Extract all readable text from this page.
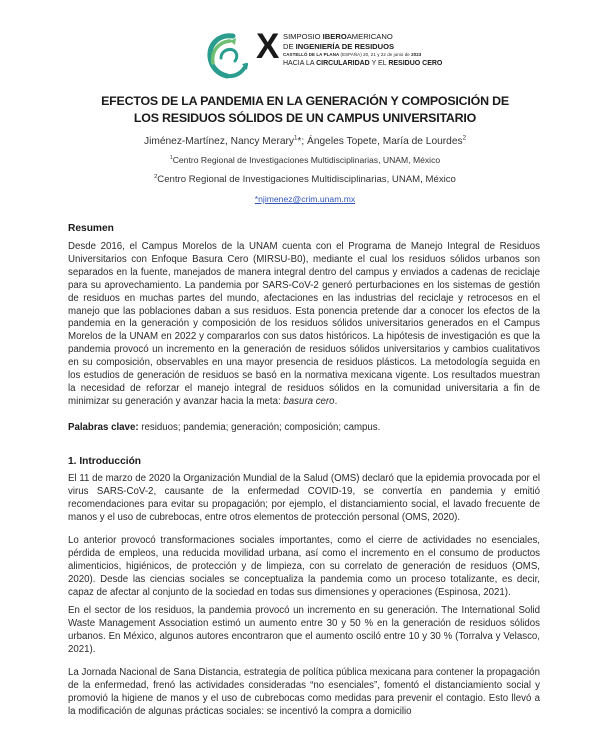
X SIMPOSIO IBEROAMERICANO
DE INGENIERÍA DE RESIDUOS
CASTELLÓ DE LA PLANA (ESPAÑA) 20, 21 y 22 de junio de 2023
HACIA LA CIRCULARIDAD Y EL RESIDUO CERO
EFECTOS DE LA PANDEMIA EN LA GENERACIÓN Y COMPOSICIÓN DE
LOS RESIDUOS SÓLIDOS DE UN CAMPUS UNIVERSITARIO
Jiménez-Martínez, Nancy Merary$^1$*; Ángeles Topete, María de Lourdes$^2$
$^1$Centro Regional de Investigaciones Multidisciplinarias, UNAM, México
$^2$Centro Regional de Investigaciones Multidisciplinarias, UNAM, México
*njimenez@crim.unam.mx
Resumen
Desde 2016, el Campus Morelos de la UNAM cuenta con el Programa de Manejo Integral de Residuos Universitarios con Enfoque Basura Cero (MIRSU-B0), mediante el cual los residuos sólidos urbanos son separados en la fuente, manejados de manera integral dentro del campus y enviados a cadenas de reciclaje para su aprovechamiento. La pandemia por SARS-CoV-2 generó perturbaciones en los sistemas de gestión de residuos en muchas partes del mundo, afectaciones en las industrias del reciclaje y retrocesos en el manejo que las poblaciones daban a sus residuos. Esta ponencia pretende dar a conocer los efectos de la pandemia en la generación y composición de los residuos sólidos universitarios generados en el Campus Morelos de la UNAM en 2022 y compararlos con sus datos históricos. La hipótesis de investigación es que la pandemia provocó un incremento en la generación de residuos sólidos universitarios y cambios cualitativos en su composición, observables en una mayor presencia de residuos plásticos. La metodología seguida en los estudios de generación de residuos se basó en la normativa mexicana vigente. Los resultados muestran la necesidad de reforzar el manejo integral de residuos sólidos en la comunidad universitaria a fin de minimizar su generación y avanzar hacia la meta: basura cero.
Palabras clave: residuos; pandemia; generación; composición; campus.
1. Introducción
El 11 de marzo de 2020 la Organización Mundial de la Salud (OMS) declaró que la epidemia provocada por el virus SARS-CoV-2, causante de la enfermedad COVID-19, se convertía en pandemia y emitió recomendaciones para evitar su propagación; por ejemplo, el distanciamiento social, el lavado frecuente de manos y el uso de cubrebocas, entre otros elementos de protección personal (OMS, 2020).
Lo anterior provocó transformaciones sociales importantes, como el cierre de actividades no esenciales, pérdida de empleos, una reducida movilidad urbana, así como el incremento en el consumo de productos alimenticios, higiénicos, de protección y de limpieza, con su correlato de generación de residuos (OMS, 2020). Desde las ciencias sociales se conceptualiza la pandemia como un proceso totalizante, es decir, capaz de afectar al conjunto de la sociedad en todas sus dimensiones y operaciones (Espinosa, 2021).
En el sector de los residuos, la pandemia provocó un incremento en su generación. The International Solid Waste Management Association estimó un aumento entre 30 y 50 % en la generación de residuos sólidos urbanos. En México, algunos autores encontraron que el aumento osciló entre 10 y 30 % (Torralva y Velasco, 2021).
La Jornada Nacional de Sana Distancia, estrategia de política pública mexicana para contener la propagación de la enfermedad, frenó las actividades consideradas “no esenciales”, fomentó el distanciamiento social y promovió la higiene de manos y el uso de cubrebocas como medidas para prevenir el contagio. Esto llevó a la modificación de algunas prácticas sociales: se incentivó la compra a domicilio
